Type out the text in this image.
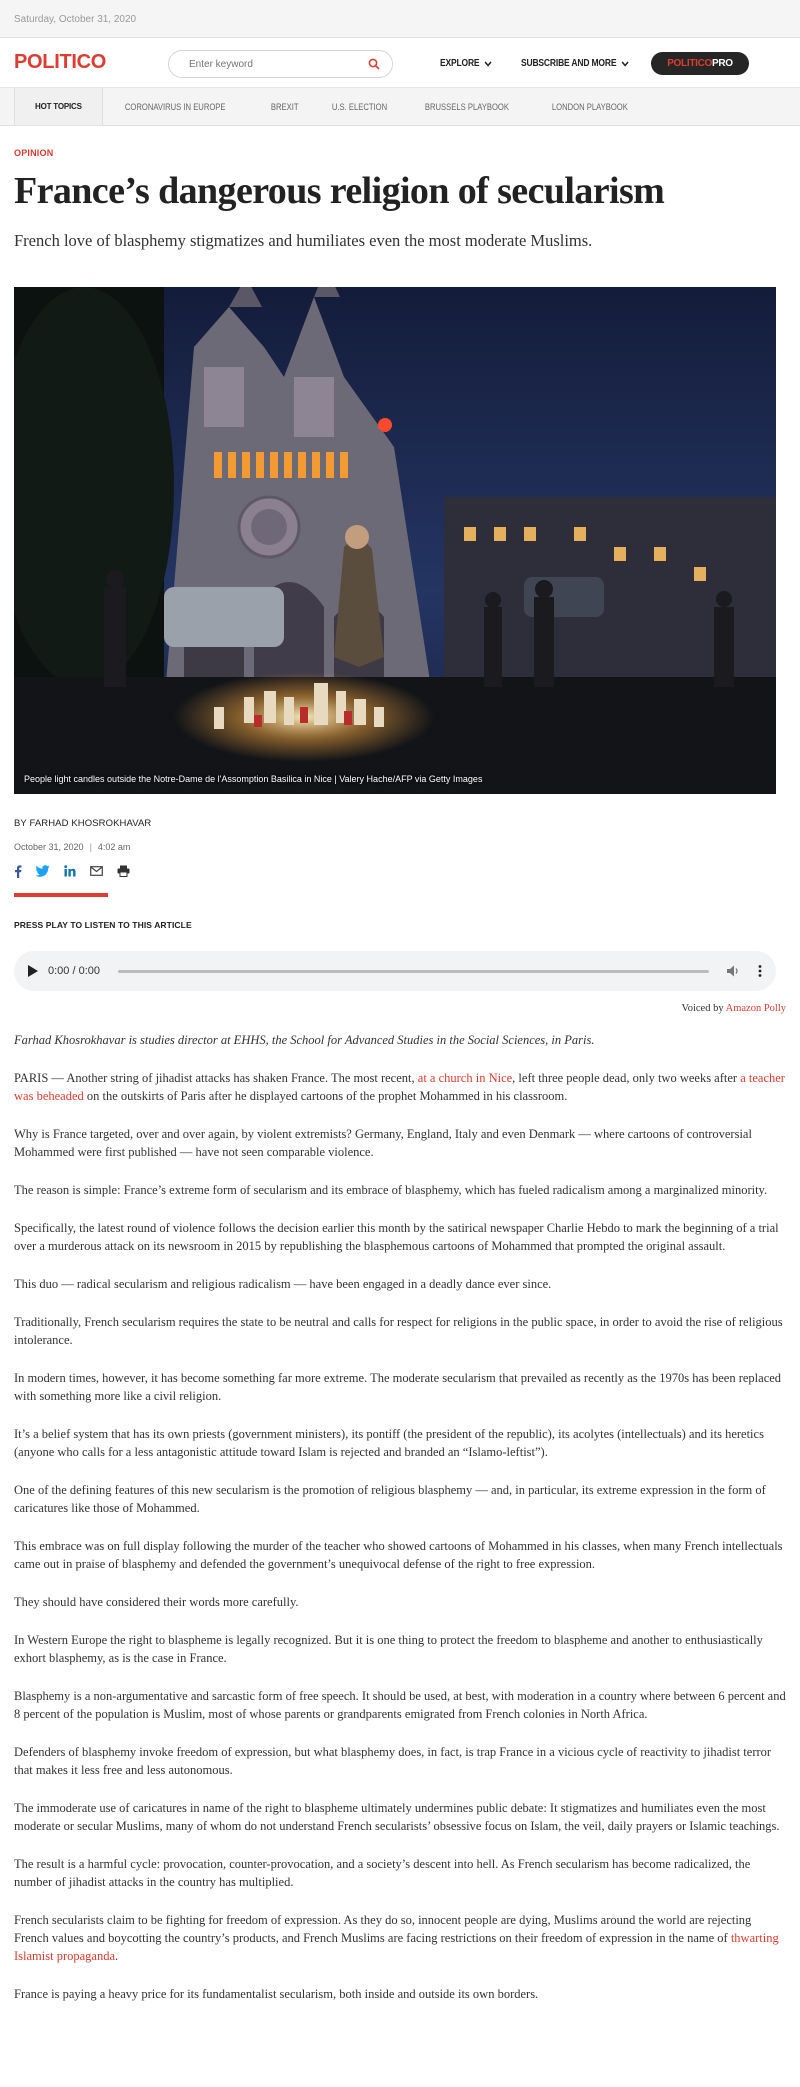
Saturday, October 31, 2020
POLITICO
Enter keyword	EXPLORE	SUBSCRIBE AND MORE	POLITICO PRO
HOT TOPICS	CORONAVIRUS IN EUROPE	BREXIT	U.S. ELECTION	BRUSSELS PLAYBOOK	LONDON PLAYBOOK
OPINION
France’s dangerous religion of secularism
French love of blasphemy stigmatizes and humiliates even the most moderate Muslims.
People light candles outside the Notre-Dame de l'Assomption Basilica in Nice | Valery Hache/AFP via Getty Images
BY FARHAD KHOSROKHAVAR
October 31, 2020 | 4:02 am
PRESS PLAY TO LISTEN TO THIS ARTICLE
0:00 / 0:00
Voiced by Amazon Polly

Farhad Khosrokhavar is studies director at EHHS, the School for Advanced Studies in the Social Sciences, in Paris.

PARIS — Another string of jihadist attacks has shaken France. The most recent, at a church in Nice, left three people dead, only two weeks after a teacher was beheaded on the outskirts of Paris after he displayed cartoons of the prophet Mohammed in his classroom.

Why is France targeted, over and over again, by violent extremists? Germany, England, Italy and even Denmark — where cartoons of controversial Mohammed were first published — have not seen comparable violence.

The reason is simple: France’s extreme form of secularism and its embrace of blasphemy, which has fueled radicalism among a marginalized minority.

Specifically, the latest round of violence follows the decision earlier this month by the satirical newspaper Charlie Hebdo to mark the beginning of a trial over a murderous attack on its newsroom in 2015 by republishing the blasphemous cartoons of Mohammed that prompted the original assault.

This duo — radical secularism and religious radicalism — have been engaged in a deadly dance ever since.

Traditionally, French secularism requires the state to be neutral and calls for respect for religions in the public space, in order to avoid the rise of religious intolerance.

In modern times, however, it has become something far more extreme. The moderate secularism that prevailed as recently as the 1970s has been replaced with something more like a civil religion.

It’s a belief system that has its own priests (government ministers), its pontiff (the president of the republic), its acolytes (intellectuals) and its heretics (anyone who calls for a less antagonistic attitude toward Islam is rejected and branded an “Islamo-leftist”).

One of the defining features of this new secularism is the promotion of religious blasphemy — and, in particular, its extreme expression in the form of caricatures like those of Mohammed.

This embrace was on full display following the murder of the teacher who showed cartoons of Mohammed in his classes, when many French intellectuals came out in praise of blasphemy and defended the government’s unequivocal defense of the right to free expression.

They should have considered their words more carefully.

In Western Europe the right to blaspheme is legally recognized. But it is one thing to protect the freedom to blaspheme and another to enthusiastically exhort blasphemy, as is the case in France.

Blasphemy is a non-argumentative and sarcastic form of free speech. It should be used, at best, with moderation in a country where between 6 percent and 8 percent of the population is Muslim, most of whose parents or grandparents emigrated from French colonies in North Africa.

Defenders of blasphemy invoke freedom of expression, but what blasphemy does, in fact, is trap France in a vicious cycle of reactivity to jihadist terror that makes it less free and less autonomous.

The immoderate use of caricatures in name of the right to blaspheme ultimately undermines public debate: It stigmatizes and humiliates even the most moderate or secular Muslims, many of whom do not understand French secularists’ obsessive focus on Islam, the veil, daily prayers or Islamic teachings.

The result is a harmful cycle: provocation, counter-provocation, and a society’s descent into hell. As French secularism has become radicalized, the number of jihadist attacks in the country has multiplied.

French secularists claim to be fighting for freedom of expression. As they do so, innocent people are dying, Muslims around the world are rejecting French values and boycotting the country’s products, and French Muslims are facing restrictions on their freedom of expression in the name of thwarting Islamist propaganda.

France is paying a heavy price for its fundamentalist secularism, both inside and outside its own borders.
